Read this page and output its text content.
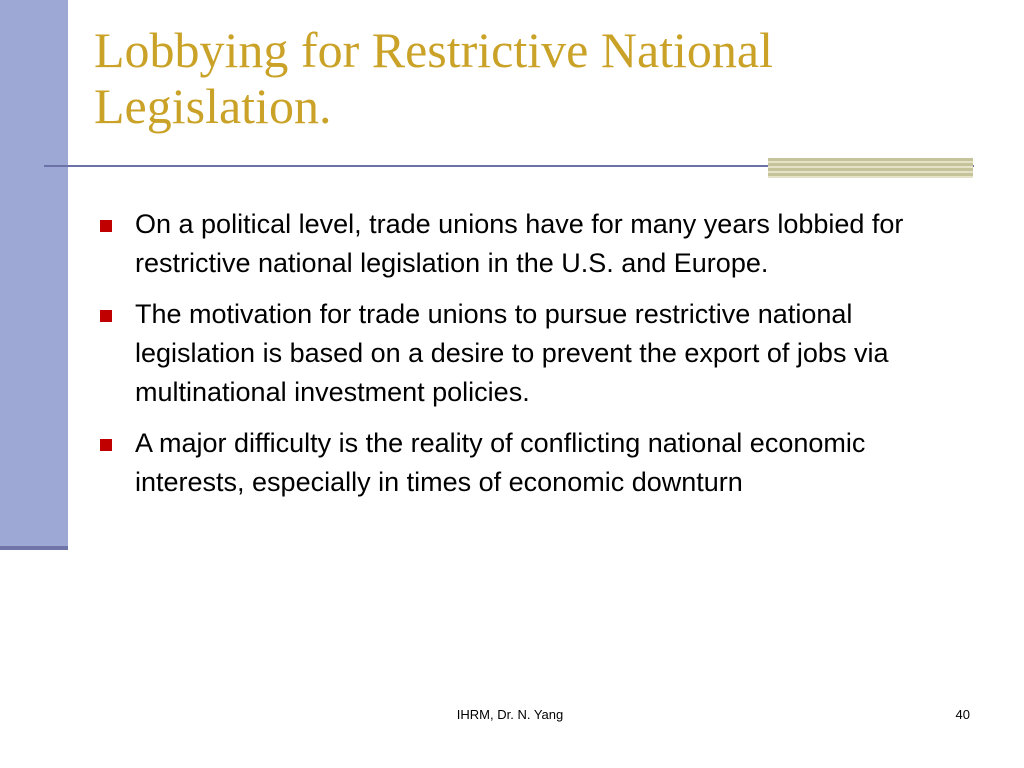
Lobbying for Restrictive National
Legislation.
On a political level, trade unions have for many years lobbied for restrictive national legislation in the U.S. and Europe.
The motivation for trade unions to pursue restrictive national legislation is based on a desire to prevent the export of jobs via multinational investment policies.
A major difficulty is the reality of conflicting national economic interests, especially in times of economic downturn
IHRM, Dr. N. Yang	40
